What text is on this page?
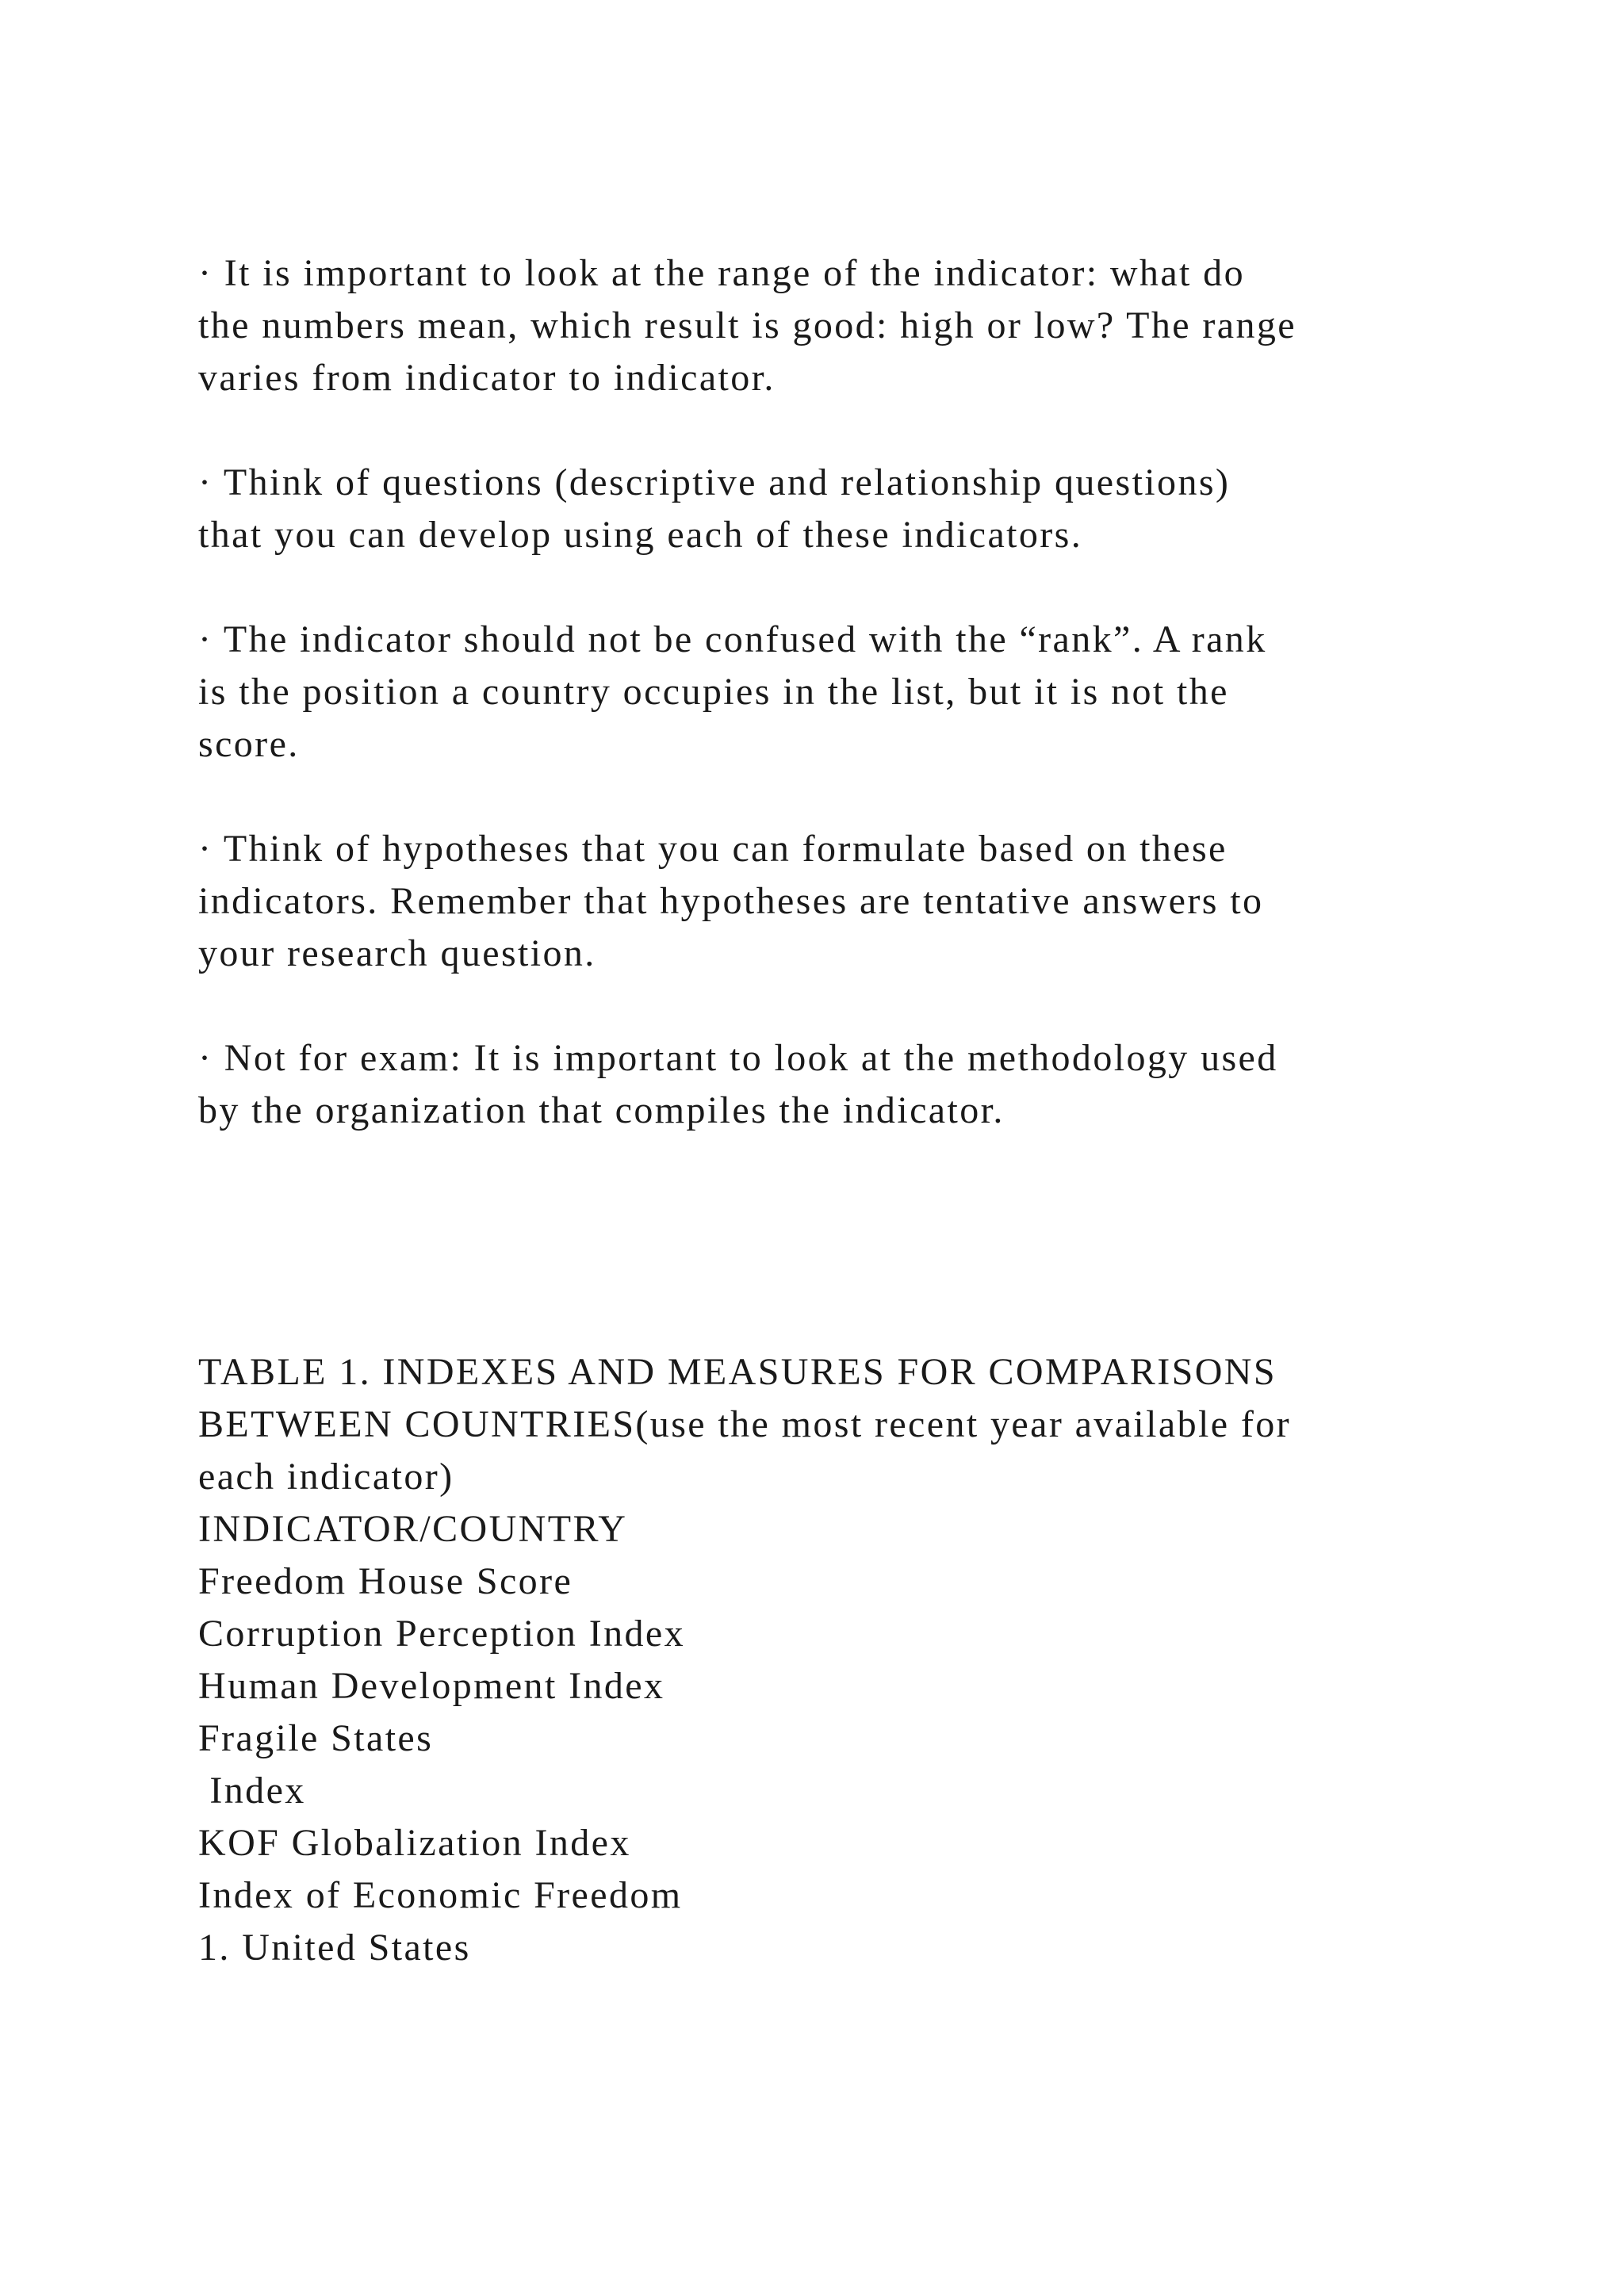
· It is important to look at the range of the indicator: what do
the numbers mean, which result is good: high or low? The range
varies from indicator to indicator.
· Think of questions (descriptive and relationship questions)
that you can develop using each of these indicators.
· The indicator should not be confused with the “rank”. A rank
is the position a country occupies in the list, but it is not the
score.
· Think of hypotheses that you can formulate based on these
indicators. Remember that hypotheses are tentative answers to
your research question.
· Not for exam: It is important to look at the methodology used
by the organization that compiles the indicator.
TABLE 1. INDEXES AND MEASURES FOR COMPARISONS
BETWEEN COUNTRIES(use the most recent year available for
each indicator)
INDICATOR/COUNTRY
Freedom House Score
Corruption Perception Index
Human Development Index
Fragile States
Index
KOF Globalization Index
Index of Economic Freedom
1. United States
